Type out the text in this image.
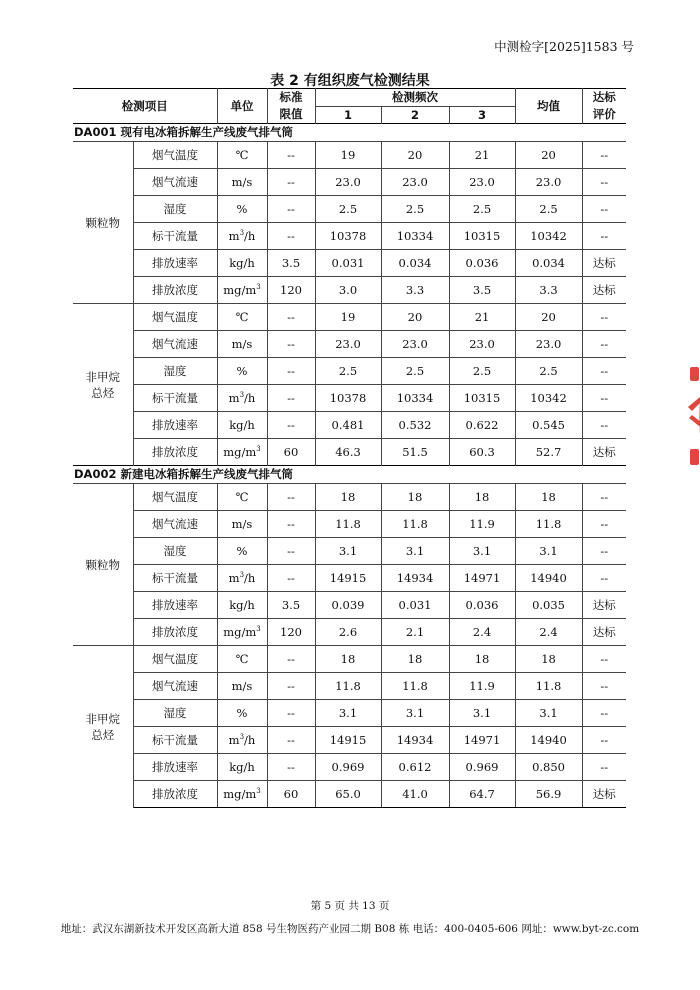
中测检字[2025]1583 号
表 2 有组织废气检测结果
检测项目		单位	标准	检测频次			均值	达标
			限值	1	2	3		评价
DA001 现有电冰箱拆解生产线废气排气筒								

颗粒物	烟气温度	℃	--	19	20	21	20	--
	烟气流速	m/s	--	23.0	23.0	23.0	23.0	--
	湿度	%	--	2.5	2.5	2.5	2.5	--
	标干流量	$m^3/h$	--	10378	10334	10315	10342	--
	排放速率	kg/h	3.5	0.031	0.034	0.036	0.034	达标
	排放浓度	$mg/m^3$	120	3.0	3.3	3.5	3.3	达标

非甲烷
总烃	烟气温度	℃	--	19	20	21	20	--
	烟气流速	m/s	--	23.0	23.0	23.0	23.0	--
	湿度	%	--	2.5	2.5	2.5	2.5	--
	标干流量	$m^3/h$	--	10378	10334	10315	10342	--
	排放速率	kg/h	--	0.481	0.532	0.622	0.545	--
	排放浓度	$mg/m^3$	60	46.3	51.5	60.3	52.7	达标
DA002 新建电冰箱拆解生产线废气排气筒								

颗粒物	烟气温度	℃	--	18	18	18	18	--
	烟气流速	m/s	--	11.8	11.8	11.9	11.8	--
	湿度	%	--	3.1	3.1	3.1	3.1	--
	标干流量	$m^3/h$	--	14915	14934	14971	14940	--
	排放速率	kg/h	3.5	0.039	0.031	0.036	0.035	达标
	排放浓度	$mg/m^3$	120	2.6	2.1	2.4	2.4	达标

非甲烷
总烃	烟气温度	℃	--	18	18	18	18	--
	烟气流速	m/s	--	11.8	11.8	11.9	11.8	--
	湿度	%	--	3.1	3.1	3.1	3.1	--
	标干流量	$m^3/h$	--	14915	14934	14971	14940	--
	排放速率	kg/h	--	0.969	0.612	0.969	0.850	--
	排放浓度	$mg/m^3$	60	65.0	41.0	64.7	56.9	达标
第 5 页 共 13 页
地址：武汉东湖新技术开发区高新大道 858 号生物医药产业园二期 B08 栋 电话：400-0405-606 网址：www.byt-zc.com
